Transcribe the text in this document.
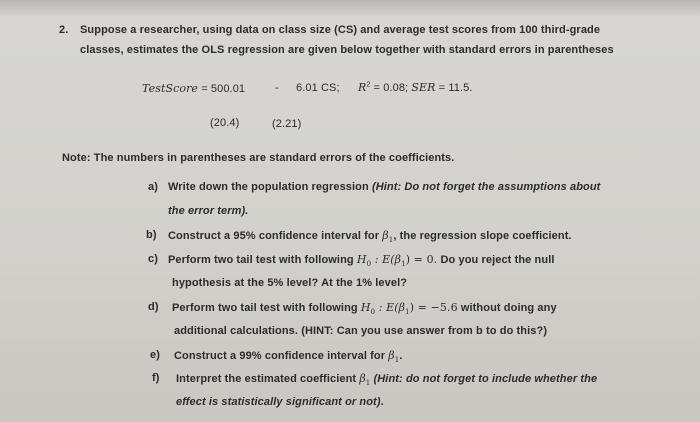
2. Suppose a researcher, using data on class size (CS) and average test scores from 100 third-grade
classes, estimates the OLS regression are given below together with standard errors in parentheses
TestScore = 500.01	- 6.01 CS; $R^2 = 0.08$; SER = 11.5.
(20.4)	(2.21)
Note: The numbers in parentheses are standard errors of the coefficients.
a) Write down the population regression (Hint: Do not forget the assumptions about
the error term).
b) Construct a 95% confidence interval for $\beta_1$, the regression slope coefficient.
c) Perform two tail test with following $H_0$ : $E(\beta_1) = 0$. Do you reject the null
hypothesis at the 5% level? At the 1% level?
d) Perform two tail test with following $H_0$ : $E(\beta_1) = -5.6$ without doing any
additional calculations. (HINT: Can you use answer from b to do this?)
e) Construct a 99% confidence interval for $\beta_1$.
f) Interpret the estimated coefficient $\beta_1$ (Hint: do not forget to include whether the
effect is statistically significant or not).
